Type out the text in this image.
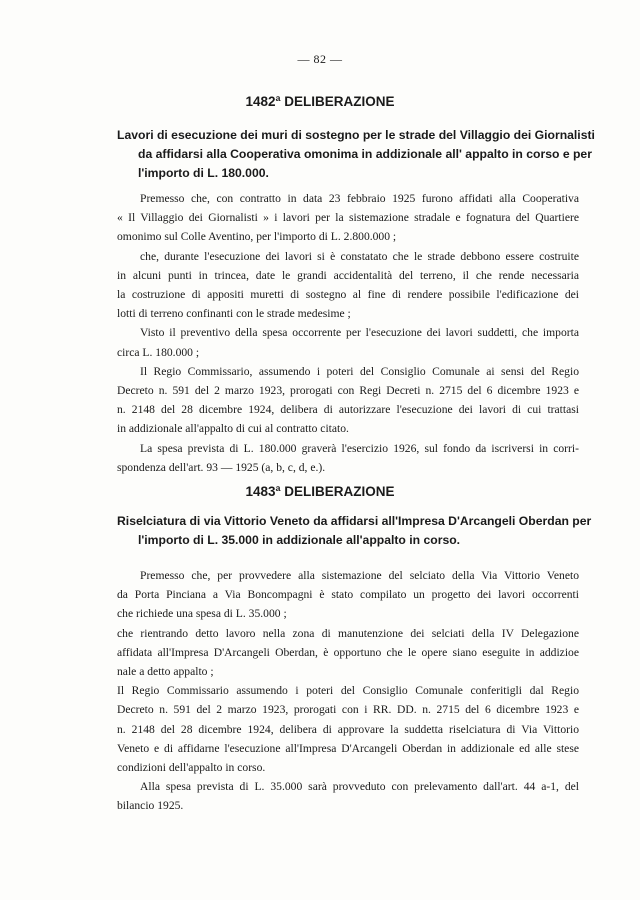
— 82 —
1482ª DELIBERAZIONE
Lavori di esecuzione dei muri di sostegno per le strade del Villaggio dei Giornalisti
da affidarsi alla Cooperativa omonima in addizionale all' appalto in corso e per
l'importo di L. 180.000.
Premesso che, con contratto in data 23 febbraio 1925 furono affidati alla Cooperativa
« Il Villaggio dei Giornalisti » i lavori per la sistemazione stradale e fognatura del Quartiere
omonimo sul Colle Aventino, per l'importo di L. 2.800.000 ;
che, durante l'esecuzione dei lavori si è constatato che le strade debbono essere costruite
in alcuni punti in trincea, date le grandi accidentalità del terreno, il che rende necessaria
la costruzione di appositi muretti di sostegno al fine di rendere possibile l'edificazione dei
lotti di terreno confinanti con le strade medesime ;
Visto il preventivo della spesa occorrente per l'esecuzione dei lavori suddetti, che importa
circa L. 180.000 ;
Il Regio Commissario, assumendo i poteri del Consiglio Comunale ai sensi del Regio
Decreto n. 591 del 2 marzo 1923, prorogati con Regi Decreti n. 2715 del 6 dicembre 1923 e
n. 2148 del 28 dicembre 1924, delibera di autorizzare l'esecuzione dei lavori di cui trattasi
in addizionale all'appalto di cui al contratto citato.
La spesa prevista di L. 180.000 graverà l'esercizio 1926, sul fondo da iscriversi in corri-
spondenza dell'art. 93 — 1925 (a, b, c, d, e.).
1483ª DELIBERAZIONE
Riselciatura di via Vittorio Veneto da affidarsi all'Impresa D'Arcangeli Oberdan per
l'importo di L. 35.000 in addizionale all'appalto in corso.
Premesso che, per provvedere alla sistemazione del selciato della Via Vittorio Veneto
da Porta Pinciana a Via Boncompagni è stato compilato un progetto dei lavori occorrenti
che richiede una spesa di L. 35.000 ;
che rientrando detto lavoro nella zona di manutenzione dei selciati della IV Delegazione
affidata all'Impresa D'Arcangeli Oberdan, è opportuno che le opere siano eseguite in addizioe
nale a detto appalto ;
Il Regio Commissario assumendo i poteri del Consiglio Comunale conferitigli dal Regio
Decreto n. 591 del 2 marzo 1923, prorogati con i RR. DD. n. 2715 del 6 dicembre 1923 e
n. 2148 del 28 dicembre 1924, delibera di approvare la suddetta riselciatura di Via Vittorio
Veneto e di affidarne l'esecuzione all'Impresa D'Arcangeli Oberdan in addizionale ed alle stese
condizioni dell'appalto in corso.
Alla spesa prevista di L. 35.000 sarà provveduto con prelevamento dall'art. 44 a-1, del
bilancio 1925.
